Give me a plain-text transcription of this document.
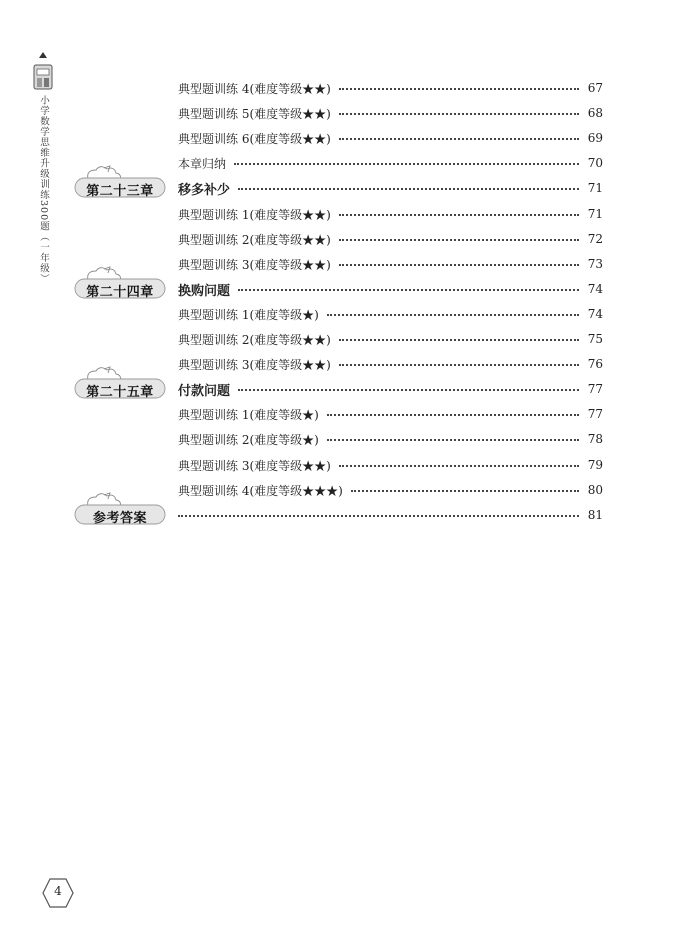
小学数学思维升级训练300题（一年级）
典型题训练 4(难度等级★★)	67
典型题训练 5(难度等级★★)	68
典型题训练 6(难度等级★★)	69
本章归纳	70
第二十三章	移多补少	71
典型题训练 1(难度等级★★)	71
典型题训练 2(难度等级★★)	72
典型题训练 3(难度等级★★)	73
第二十四章	换购问题	74
典型题训练 1(难度等级★)	74
典型题训练 2(难度等级★★)	75
典型题训练 3(难度等级★★)	76
第二十五章	付款问题	77
典型题训练 1(难度等级★)	77
典型题训练 2(难度等级★)	78
典型题训练 3(难度等级★★)	79
典型题训练 4(难度等级★★★)	80
参考答案	81
4
